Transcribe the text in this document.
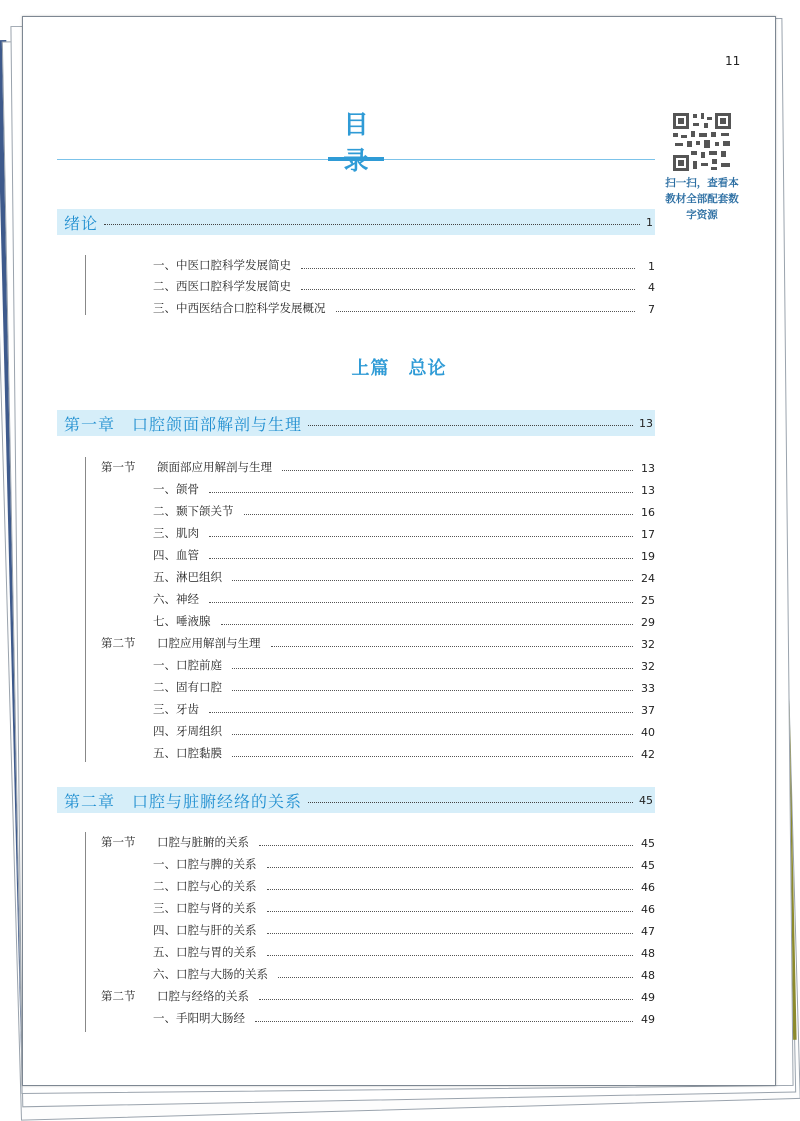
11
目
扫一扫，查看本教材全部配套数字资源
绪论	1
一、中医口腔科学发展简史	1
二、西医口腔科学发展简史	4
三、中西医结合口腔科学发展概况	7
上篇　总论
第一章　口腔颌面部解剖与生理	13
第一节 颌面部应用解剖与生理	13
一、颌骨	13
二、颞下颌关节	16
三、肌肉	17
四、血管	19
五、淋巴组织	24
六、神经	25
七、唾液腺	29
第二节 口腔应用解剖与生理	32
一、口腔前庭	32
二、固有口腔	33
三、牙齿	37
四、牙周组织	40
五、口腔黏膜	42
第二章　口腔与脏腑经络的关系	45
第一节 口腔与脏腑的关系	45
一、口腔与脾的关系	45
二、口腔与心的关系	46
三、口腔与肾的关系	46
四、口腔与肝的关系	47
五、口腔与胃的关系	48
六、口腔与大肠的关系	48
第二节 口腔与经络的关系	49
一、手阳明大肠经	49
